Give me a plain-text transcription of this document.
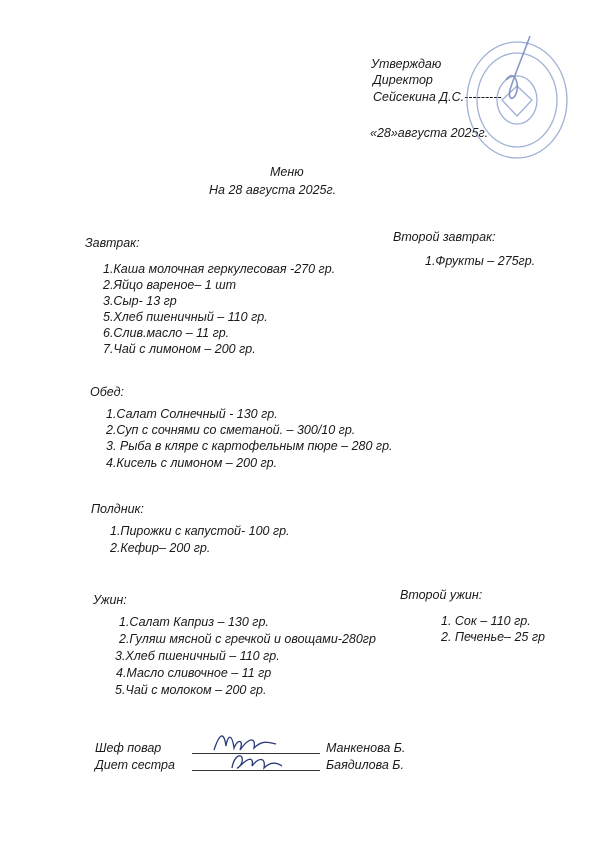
Утверждаю
Директор
Сейсекина Д.С.---------
«28»августа 2025г.
Меню
На 28 августа 2025г.
Завтрак:
1.Каша молочная геркулесовая -270 гр.
2.Яйцо вареное– 1 шт
3.Сыр- 13 гр
5.Хлеб пшеничный – 110 гр.
6.Слив.масло – 11 гр.
7.Чай с лимоном – 200 гр.
Второй завтрак:
1.Фрукты – 275гр.
Обед:
1.Салат Солнечный - 130 гр.
2.Суп с сочнями со сметаной. – 300/10 гр.
3. Рыба в кляре с картофельным пюре – 280 гр.
4.Кисель с лимоном – 200 гр.
Полдник:
1.Пирожки с капустой- 100 гр.
2.Кефир– 200 гр.
Ужин:
1.Салат Каприз – 130 гр.
2.Гуляш мясной с гречкой и овощами-280гр
3.Хлеб пшеничный – 110 гр.
4.Масло сливочное – 11 гр
5.Чай с молоком – 200 гр.
Второй ужин:
1. Сок – 110 гр.
2. Печенье– 25 гр
Шеф повар	Манкенова Б.
Диет сестра	Баядилова Б.
